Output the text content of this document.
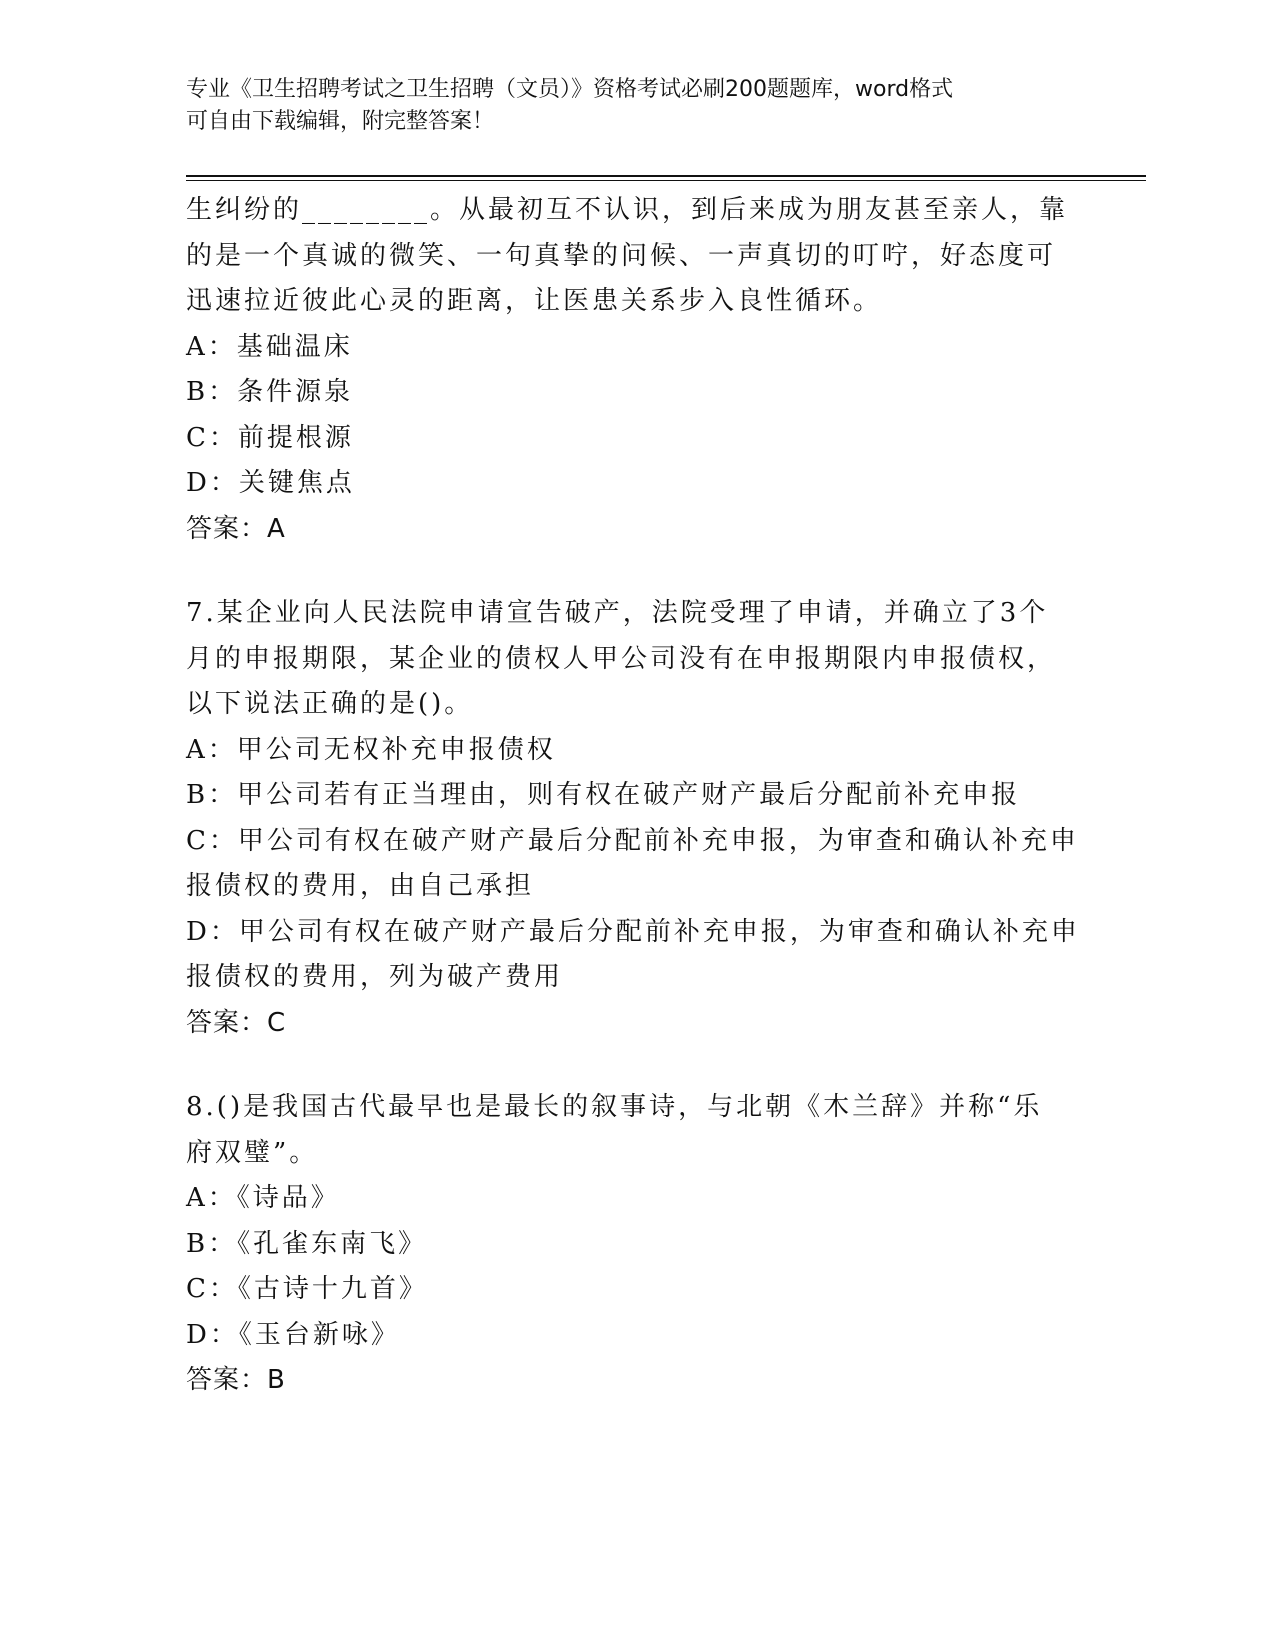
专业《卫生招聘考试之卫生招聘（文员）》资格考试必刷200题题库，word格式
可自由下载编辑，附完整答案！
生纠纷的________。从最初互不认识，到后来成为朋友甚至亲人，靠
的是一个真诚的微笑、一句真挚的问候、一声真切的叮咛，好态度可
迅速拉近彼此心灵的距离，让医患关系步入良性循环。
A：基础温床
B：条件源泉
C：前提根源
D：关键焦点
答案：A
7.某企业向人民法院申请宣告破产，法院受理了申请，并确立了3个
月的申报期限，某企业的债权人甲公司没有在申报期限内申报债权，
以下说法正确的是()。
A：甲公司无权补充申报债权
B：甲公司若有正当理由，则有权在破产财产最后分配前补充申报
C：甲公司有权在破产财产最后分配前补充申报，为审查和确认补充申
报债权的费用，由自己承担
D：甲公司有权在破产财产最后分配前补充申报，为审查和确认补充申
报债权的费用，列为破产费用
答案：C
8.()是我国古代最早也是最长的叙事诗，与北朝《木兰辞》并称“乐
府双璧”。
A：《诗品》
B：《孔雀东南飞》
C：《古诗十九首》
D：《玉台新咏》
答案：B
